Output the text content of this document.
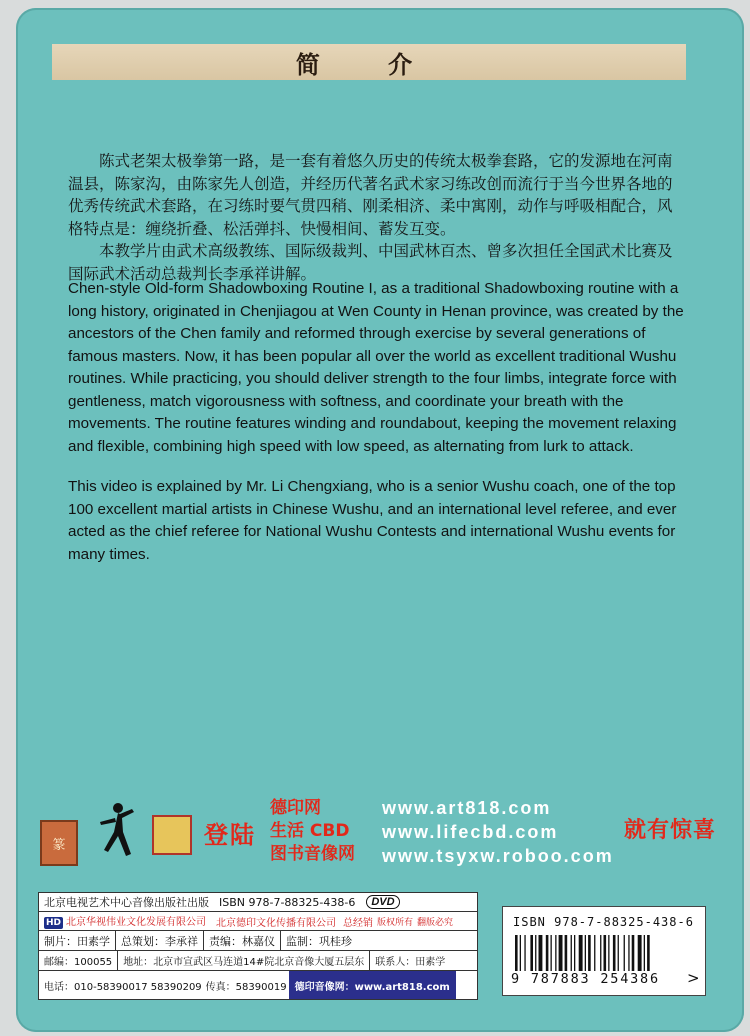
简 介

陈式老架太极拳第一路，是一套有着悠久历史的传统太极拳套路，它的发源地在河南温县，陈家沟，由陈家先人创造，并经历代著名武术家习练改创而流行于当今世界各地的优秀传统武术套路，在习练时要气贯四稍、刚柔相济、柔中寓刚，动作与呼吸相配合，风格特点是：缠绕折叠、松活弹抖、快慢相间、蓄发互变。

本教学片由武术高级教练、国际级裁判、中国武林百杰、曾多次担任全国武术比赛及国际武术活动总裁判长李承祥讲解。

Chen-style Old-form Shadowboxing Routine I, as a traditional Shadowboxing routine with a long history, originated in Chenjiagou at Wen County in Henan province, was created by the ancestors of the Chen family and reformed through exercise by several generations of famous masters. Now, it has been popular all over the world as excellent traditional Wushu routines. While practicing, you should deliver strength to the four limbs, integrate force with gentleness, match vigorousness with softness, and coordinate your breath with the movements. The routine features winding and roundabout, keeping the movement relaxing and flexible, combining high speed with low speed, as alternating from lurk to attack.

This video is explained by Mr. Li Chengxiang, who is a senior Wushu coach, one of the top 100 excellent martial artists in Chinese Wushu, and an international level referee, and ever acted as the chief referee for National Wushu Contests and international Wushu events for many times.

篆	登陆
德印网
生活 CBD
图书音像网
www.art818.com
www.lifecbd.com
www.tsyxw.roboo.com
就有惊喜
北京电视艺术中心音像出版社出版 ISBN 978-7-88325-438-6	DVD
HD 北京华视伟业文化发展有限公司	北京德印文化传播有限公司 总经销 版权所有 翻版必究
制片：田素学	总策划： 李承祥 责编： 林嘉仪 监制： 巩桂珍
邮编：100055	地址： 北京市宣武区马连道14#院北京音像大厦五层东 联系人： 田素学
电话：010-58390017 58390209 传真：58390019 德印音像网：www.art818.com
ISBN 978-7-88325-438-6
9 787883 254386 >
